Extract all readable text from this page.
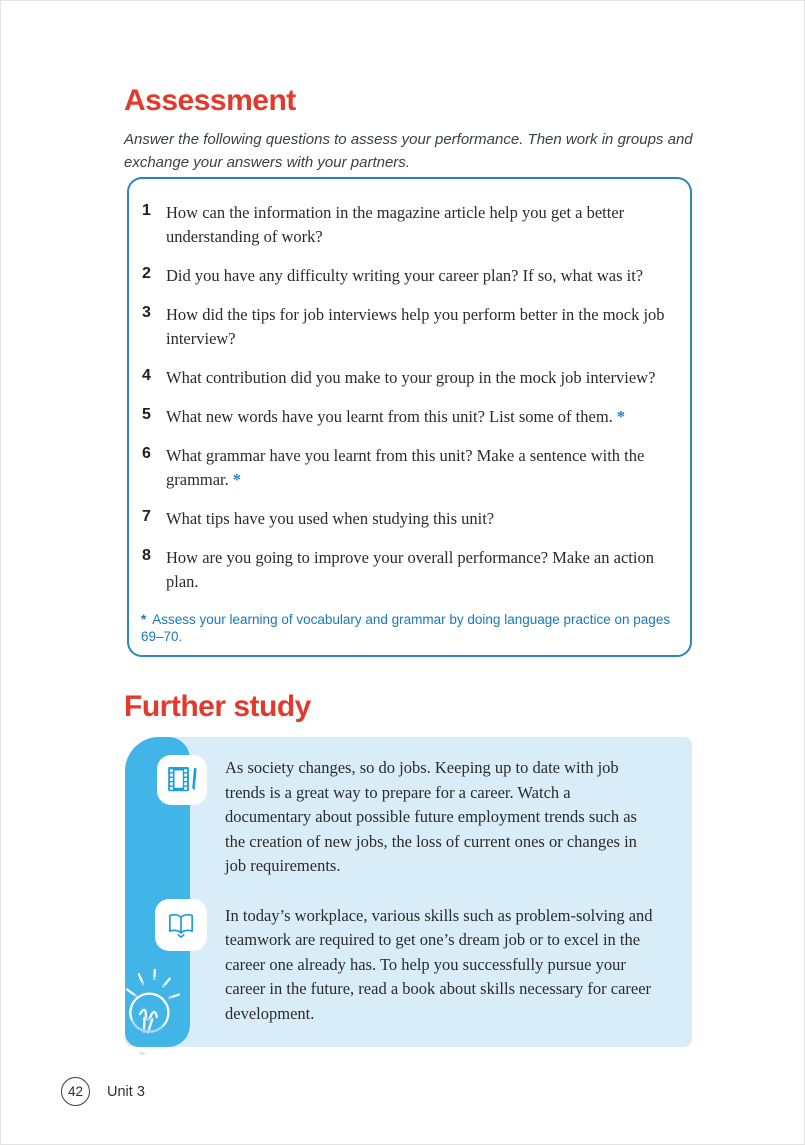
Assessment

Answer the following questions to assess your performance. Then work in groups and exchange your answers with your partners.

1 How can the information in the magazine article help you get a better understanding of work?
2 Did you have any difficulty writing your career plan? If so, what was it?
3 How did the tips for job interviews help you perform better in the mock job interview?
4 What contribution did you make to your group in the mock job interview?
5 What new words have you learnt from this unit? List some of them. *
6 What grammar have you learnt from this unit? Make a sentence with the grammar. *
7 What tips have you used when studying this unit?
8 How are you going to improve your overall performance? Make an action plan.
* Assess your learning of vocabulary and grammar by doing language practice on pages 69–70.
Further study

As society changes, so do jobs. Keeping up to date with job trends is a great way to prepare for a career. Watch a documentary about possible future employment trends such as the creation of new jobs, the loss of current ones or changes in job requirements.

In today’s workplace, various skills such as problem-solving and teamwork are required to get one’s dream job or to excel in the career one already has. To help you successfully pursue your career in the future, read a book about skills necessary for career development.

42	Unit 3
